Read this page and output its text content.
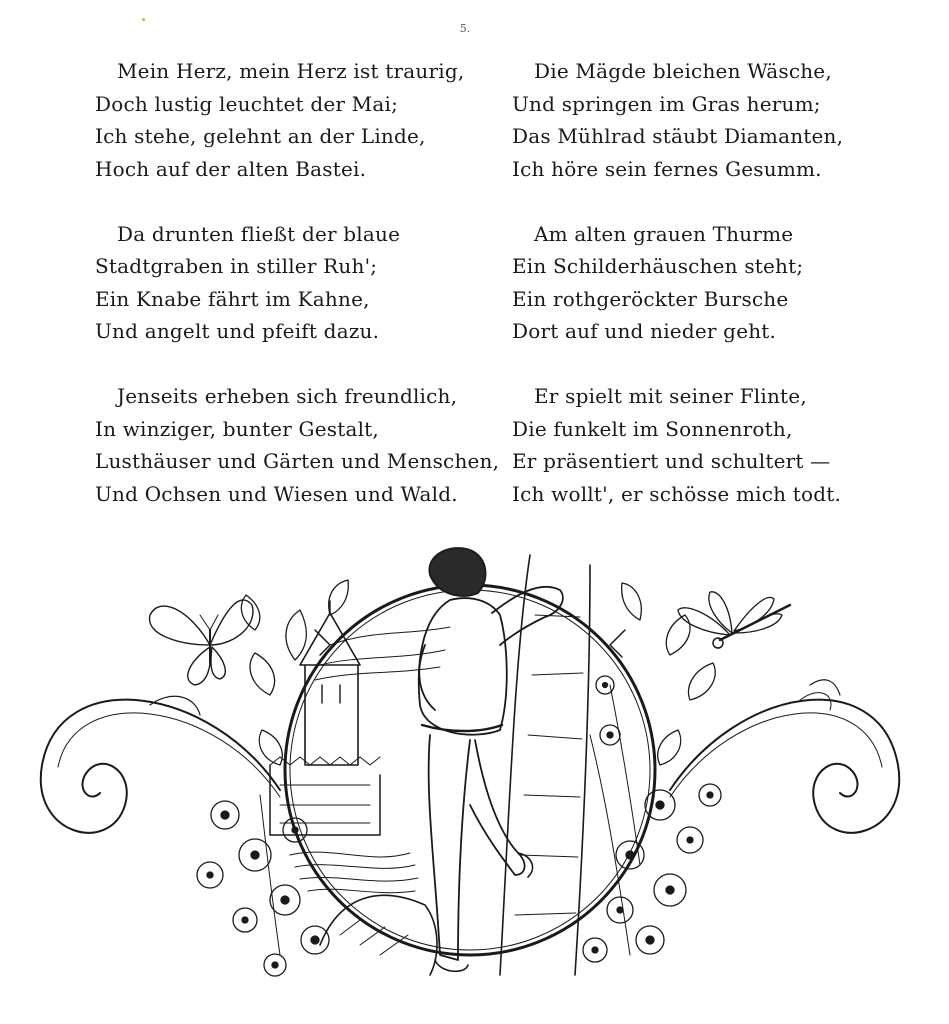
5.
Mein Herz, mein Herz ist traurig,
Doch lustig leuchtet der Mai;
Ich stehe, gelehnt an der Linde,
Hoch auf der alten Bastei.
Da drunten fließt der blaue
Stadtgraben in stiller Ruh';
Ein Knabe fährt im Kahne,
Und angelt und pfeift dazu.
Jenseits erheben sich freundlich,
In winziger, bunter Gestalt,
Lusthäuser und Gärten und Menschen,
Und Ochsen und Wiesen und Wald.
Die Mägde bleichen Wäsche,
Und springen im Gras herum;
Das Mühlrad stäubt Diamanten,
Ich höre sein fernes Gesumm.
Am alten grauen Thurme
Ein Schilderhäuschen steht;
Ein rothgeröckter Bursche
Dort auf und nieder geht.
Er spielt mit seiner Flinte,
Die funkelt im Sonnenroth,
Er präsentiert und schultert —
Ich wollt', er schösse mich todt.
